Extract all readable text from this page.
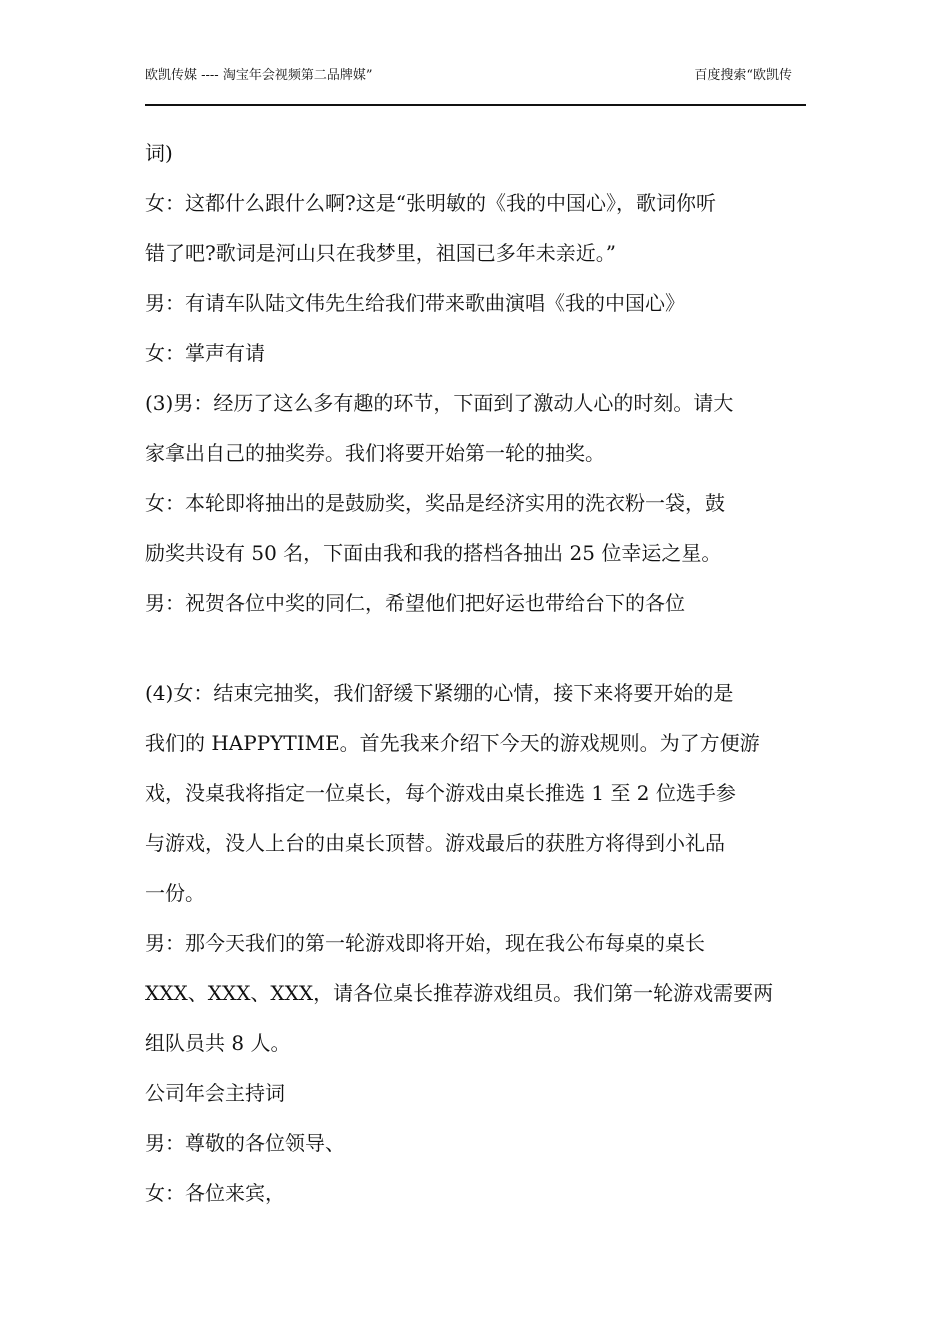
欧凯传媒 ---- 淘宝年会视频第二品牌媒”	百度搜索“欧凯传
词)
女：这都什么跟什么啊?这是“张明敏的《我的中国心》，歌词你听
错了吧?歌词是河山只在我梦里，祖国已多年未亲近。”
男：有请车队陆文伟先生给我们带来歌曲演唱《我的中国心》
女：掌声有请
(3)男：经历了这么多有趣的环节，下面到了激动人心的时刻。请大
家拿出自己的抽奖券。我们将要开始第一轮的抽奖。
女：本轮即将抽出的是鼓励奖，奖品是经济实用的洗衣粉一袋，鼓
励奖共设有 50 名，下面由我和我的搭档各抽出 25 位幸运之星。
男：祝贺各位中奖的同仁，希望他们把好运也带给台下的各位
(4)女：结束完抽奖，我们舒缓下紧绷的心情，接下来将要开始的是
我们的 HAPPYTIME。首先我来介绍下今天的游戏规则。为了方便游
戏，没桌我将指定一位桌长，每个游戏由桌长推选 1 至 2 位选手参
与游戏，没人上台的由桌长顶替。游戏最后的获胜方将得到小礼品
一份。
男：那今天我们的第一轮游戏即将开始，现在我公布每桌的桌长
XXX、XXX、XXX，请各位桌长推荐游戏组员。我们第一轮游戏需要两
组队员共 8 人。
公司年会主持词
男：尊敬的各位领导、
女：各位来宾，
